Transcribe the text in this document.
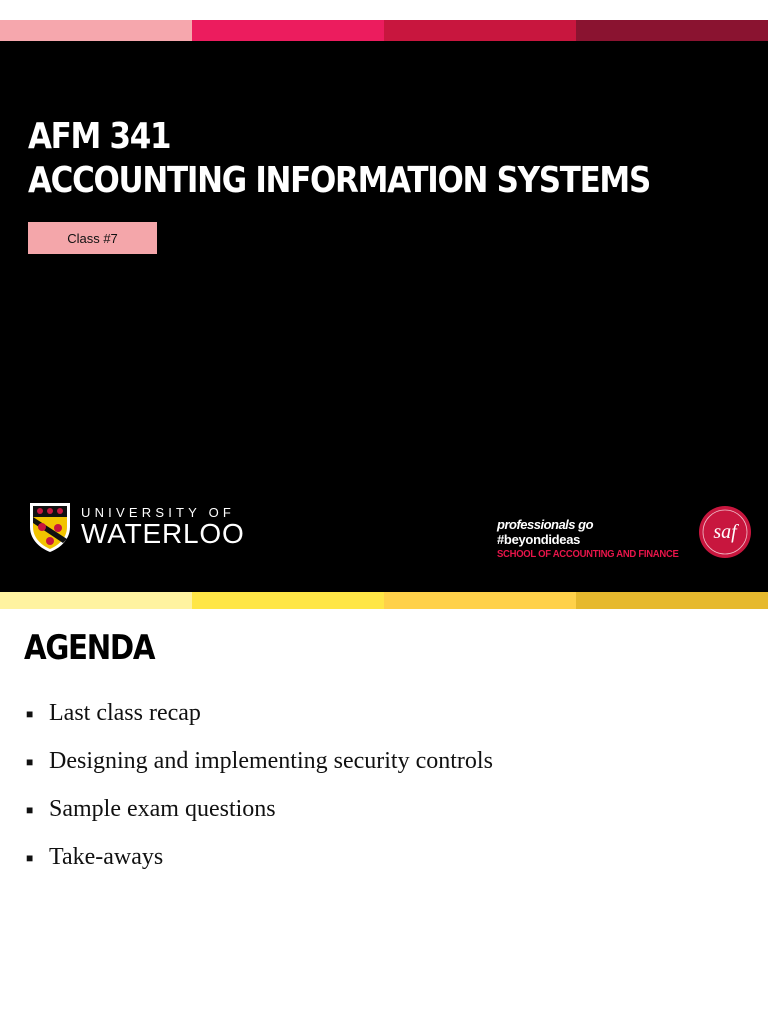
AFM 341
ACCOUNTING INFORMATION SYSTEMS
Class #7
UNIVERSITY OF
WATERLOO	professionals go
#beyondideas
SCHOOL OF ACCOUNTING AND FINANCE
saf
AGENDA
■ Last class recap
■ Designing and implementing security controls
■ Sample exam questions
■ Take-aways
